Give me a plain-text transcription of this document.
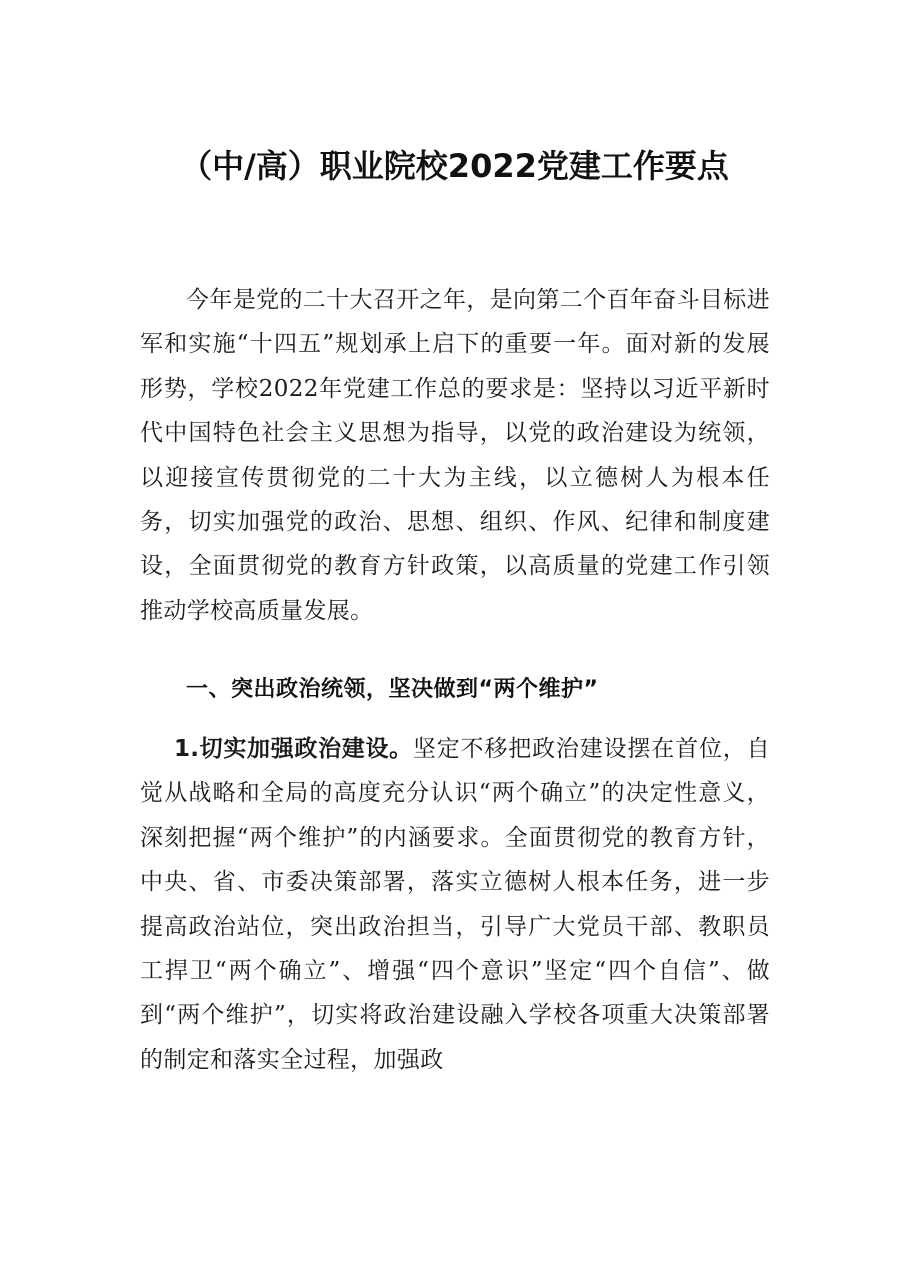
（中/高）职业院校2022党建工作要点
今年是党的二十大召开之年，是向第二个百年奋斗目标进军和实施“十四五”规划承上启下的重要一年。面对新的发展形势，学校2022年党建工作总的要求是：坚持以习近平新时代中国特色社会主义思想为指导，以党的政治建设为统领，以迎接宣传贯彻党的二十大为主线，以立德树人为根本任务，切实加强党的政治、思想、组织、作风、纪律和制度建设，全面贯彻党的教育方针政策，以高质量的党建工作引领推动学校高质量发展。
一、突出政治统领，坚决做到“两个维护”
1.切实加强政治建设。坚定不移把政治建设摆在首位，自觉从战略和全局的高度充分认识“两个确立”的决定性意义，深刻把握“两个维护”的内涵要求。全面贯彻党的教育方针，中央、省、市委决策部署，落实立德树人根本任务，进一步提高政治站位，突出政治担当，引导广大党员干部、教职员工捍卫“两个确立”、增强“四个意识”坚定“四个自信”、做到“两个维护”，切实将政治建设融入学校各项重大决策部署的制定和落实全过程，加强政
